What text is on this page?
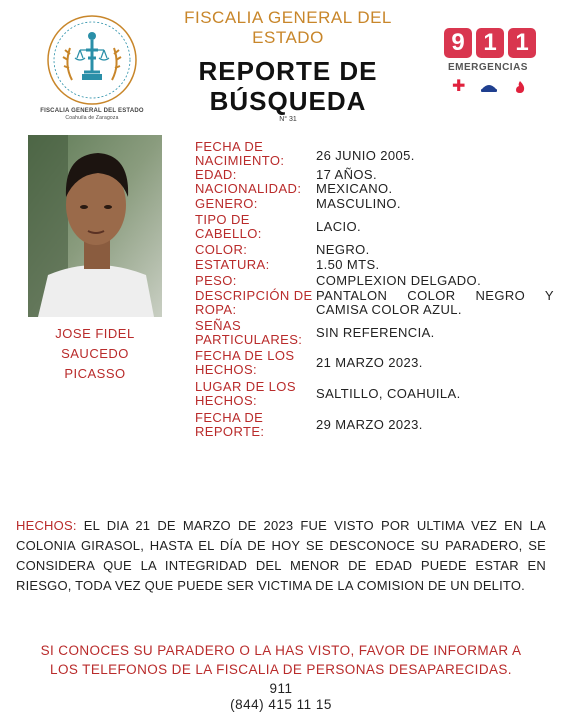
FISCALIA GENERAL DEL ESTADO
Coahuila de Zaragoza
FISCALIA GENERAL DEL
ESTADO
REPORTE DE
BÚSQUEDA
N° 31
9 1 1
EMERGENCIAS
✚
JOSE FIDEL
SAUCEDO
PICASSO
FECHA DE
NACIMIENTO: 26 JUNIO 2005.
EDAD:	17 AÑOS.
NACIONALIDAD: MEXICANO.
GENERO:	MASCULINO.
TIPO DE
CABELLO:	LACIO.
COLOR:	NEGRO.
ESTATURA:	1.50 MTS.
PESO:	COMPLEXION DELGADO.
DESCRIPCIÓN DE
ROPA:
PANTALON COLOR NEGRO Y
CAMISA COLOR AZUL.
SEÑAS
PARTICULARES: SIN REFERENCIA.
FECHA DE LOS
HECHOS:	21 MARZO 2023.
LUGAR DE LOS
HECHOS:	SALTILLO, COAHUILA.
FECHA DE
REPORTE:	29 MARZO 2023.
HECHOS: EL DIA 21 DE MARZO DE 2023 FUE VISTO POR ULTIMA VEZ EN LA COLONIA GIRASOL, HASTA EL DÍA DE HOY SE DESCONOCE SU PARADERO, SE CONSIDERA QUE LA INTEGRIDAD DEL MENOR DE EDAD PUEDE ESTAR EN RIESGO, TODA VEZ QUE PUEDE SER VICTIMA DE LA COMISION DE UN DELITO.
SI CONOCES SU PARADERO O LA HAS VISTO, FAVOR DE INFORMAR A
LOS TELEFONOS DE LA FISCALIA DE PERSONAS DESAPARECIDAS.
911
(844) 415 11 15
